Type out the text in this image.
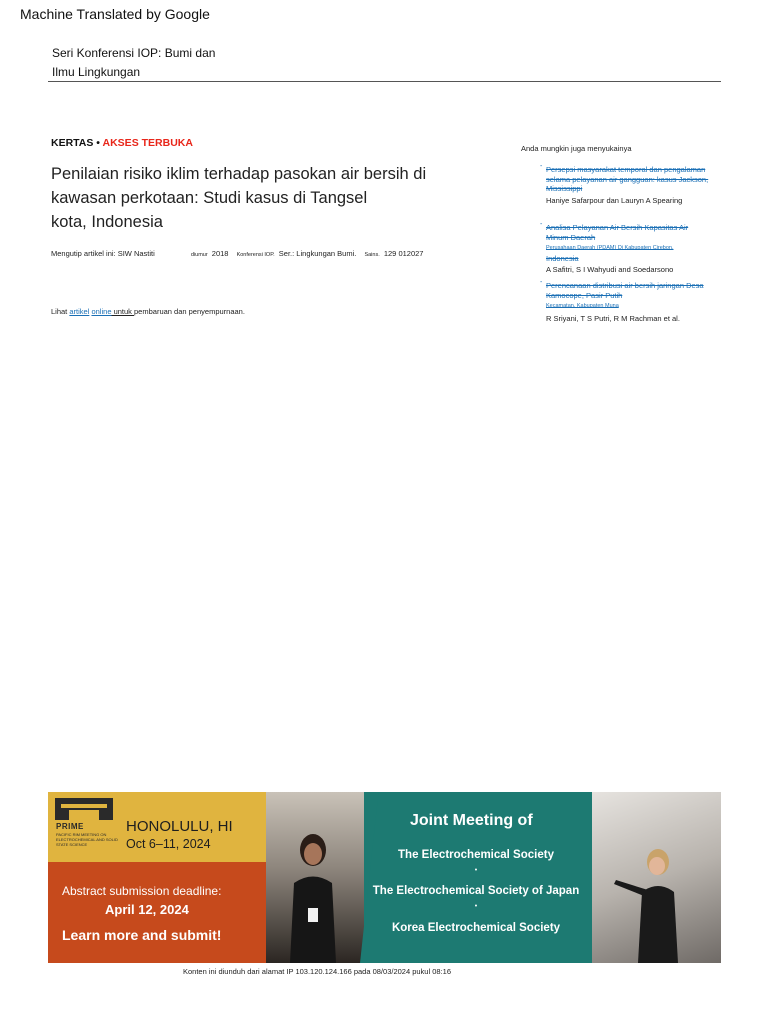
Machine Translated by Google
Seri Konferensi IOP: Bumi dan
Ilmu Lingkungan
KERTAS • AKSES TERBUKA
Penilaian risiko iklim terhadap pasokan air bersih di
kawasan perkotaan: Studi kasus di Tangsel
kota, Indonesia
Mengutip artikel ini: SIW Nastiti	diumur 2018 Konferensi IOP. Ser.: Lingkungan Bumi. Sains. 129 012027
Lihat artikel online untuk pembaruan dan penyempurnaan.
Anda mungkin juga menyukainya
- Persepsi masyarakat temporal dan pengalaman selama pelayanan air gangguan: kasus Jackson, Mississippi
Haniye Safarpour dan Lauryn A Spearing
- Analisa Pelayanan Air Bersih Kapasitas Air Minum Daerah
Perusahaan Daerah (PDAM) Di Kabupaten Cirebon,
Indonesia
A Safitri, S I Wahyudi and Soedarsono
- Perencanaan distribusi air bersih jaringan Desa Kamocope, Pasir Putih
Kecamatan, Kabupaten Muna
R Sriyani, T S Putri, R M Rachman et al.
PRIME
PACIFIC RIM MEETING ON ELECTROCHEMICAL AND SOLID STATE SCIENCE
HONOLULU, HI
Oct 6–11, 2024
Abstract submission deadline:
April 12, 2024
Learn more and submit!
Joint Meeting of
The Electrochemical Society
•
The Electrochemical Society of Japan
•
Korea Electrochemical Society
Konten ini diunduh dari alamat IP 103.120.124.166 pada 08/03/2024 pukul 08:16
